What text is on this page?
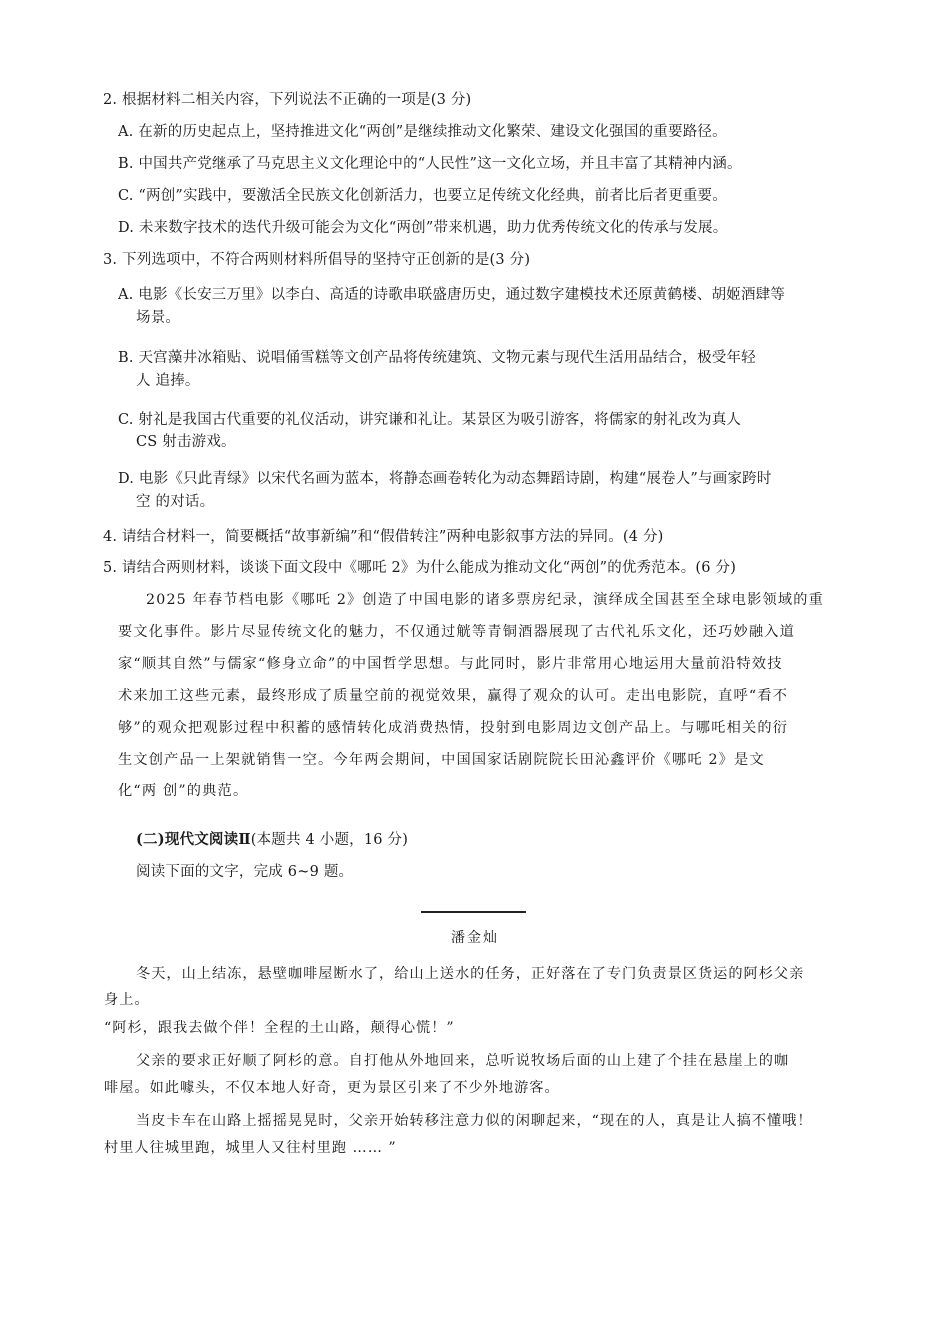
2. 根据材料二相关内容，下列说法不正确的一项是(3 分)
A. 在新的历史起点上，坚持推进文化“两创”是继续推动文化繁荣、建设文化强国的重要路径。
B. 中国共产党继承了马克思主义文化理论中的“人民性”这一文化立场，并且丰富了其精神内涵。
C. “两创”实践中，要激活全民族文化创新活力，也要立足传统文化经典，前者比后者更重要。
D. 未来数字技术的迭代升级可能会为文化“两创”带来机遇，助力优秀传统文化的传承与发展。
3. 下列选项中，不符合两则材料所倡导的坚持守正创新的是(3 分)
A. 电影《长安三万里》以李白、高适的诗歌串联盛唐历史，通过数字建模技术还原黄鹤楼、胡姬酒肆等
场景。
B. 天宫藻井冰箱贴、说唱俑雪糕等文创产品将传统建筑、文物元素与现代生活用品结合，极受年轻
人 追捧。
C. 射礼是我国古代重要的礼仪活动，讲究谦和礼让。某景区为吸引游客，将儒家的射礼改为真人
CS 射击游戏。
D. 电影《只此青绿》以宋代名画为蓝本，将静态画卷转化为动态舞蹈诗剧，构建“展卷人”与画家跨时
空 的对话。
4. 请结合材料一，简要概括“故事新编”和“假借转注”两种电影叙事方法的异同。(4 分)
5. 请结合两则材料，谈谈下面文段中《哪吒 2》为什么能成为推动文化“两创”的优秀范本。(6 分)
2025 年春节档电影《哪吒 2》创造了中国电影的诸多票房纪录，演绎成全国甚至全球电影领域的重
要文化事件。影片尽显传统文化的魅力，不仅通过觥等青铜酒器展现了古代礼乐文化，还巧妙融入道
家“顺其自然”与儒家“修身立命”的中国哲学思想。与此同时，影片非常用心地运用大量前沿特效技
术来加工这些元素，最终形成了质量空前的视觉效果，赢得了观众的认可。走出电影院，直呼“看不
够”的观众把观影过程中积蓄的感情转化成消费热情，投射到电影周边文创产品上。与哪吒相关的衍
生文创产品一上架就销售一空。今年两会期间，中国国家话剧院院长田沁鑫评价《哪吒 2》是文
化“两 创”的典范。
(二)现代文阅读Ⅱ(本题共 4 小题，16 分)
阅读下面的文字，完成 6~9 题。
潘金灿
冬天，山上结冻，悬壁咖啡屋断水了，给山上送水的任务，正好落在了专门负责景区货运的阿杉父亲
身上。
“阿杉，跟我去做个伴！全程的土山路，颠得心慌！”
父亲的要求正好顺了阿杉的意。自打他从外地回来，总听说牧场后面的山上建了个挂在悬崖上的咖
啡屋。如此噱头，不仅本地人好奇，更为景区引来了不少外地游客。
当皮卡车在山路上摇摇晃晃时，父亲开始转移注意力似的闲聊起来，“现在的人，真是让人搞不懂哦！
村里人往城里跑，城里人又往村里跑 …… ”
